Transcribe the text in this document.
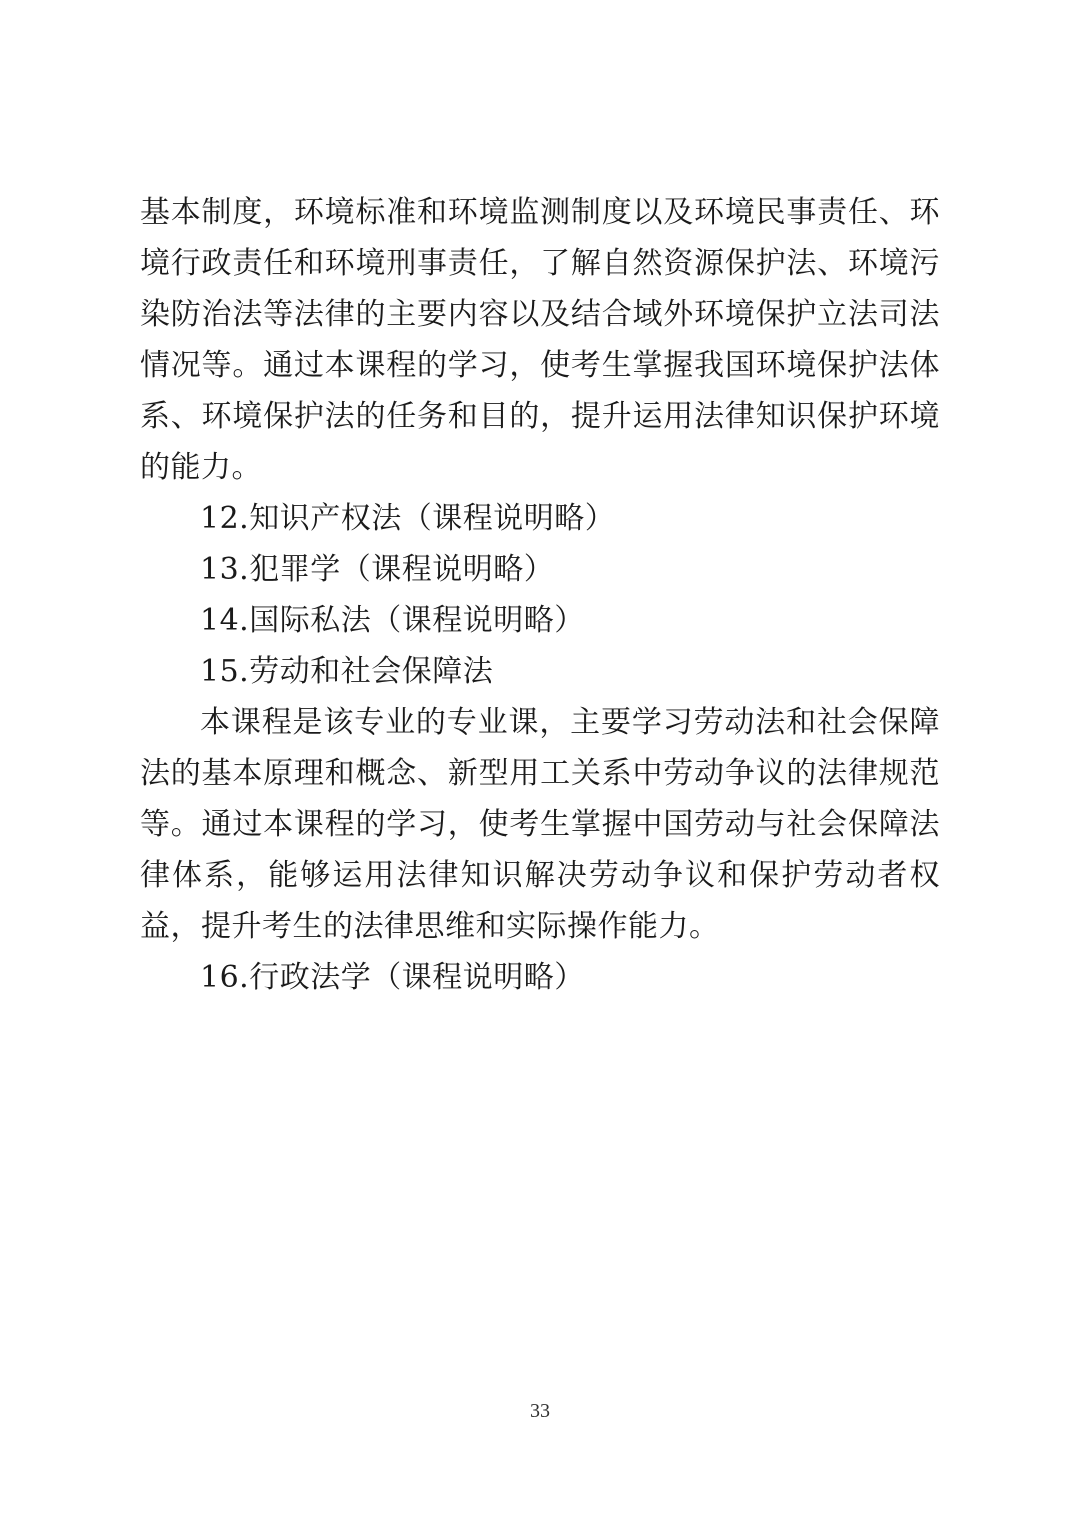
基本制度，环境标准和环境监测制度以及环境民事责任、环境行政责任和环境刑事责任，了解自然资源保护法、环境污染防治法等法律的主要内容以及结合域外环境保护立法司法情况等。通过本课程的学习，使考生掌握我国环境保护法体系、环境保护法的任务和目的，提升运用法律知识保护环境的能力。

12.知识产权法（课程说明略）

13.犯罪学（课程说明略）

14.国际私法（课程说明略）

15.劳动和社会保障法

本课程是该专业的专业课，主要学习劳动法和社会保障法的基本原理和概念、新型用工关系中劳动争议的法律规范等。通过本课程的学习，使考生掌握中国劳动与社会保障法律体系，能够运用法律知识解决劳动争议和保护劳动者权益，提升考生的法律思维和实际操作能力。

16.行政法学（课程说明略）

33
